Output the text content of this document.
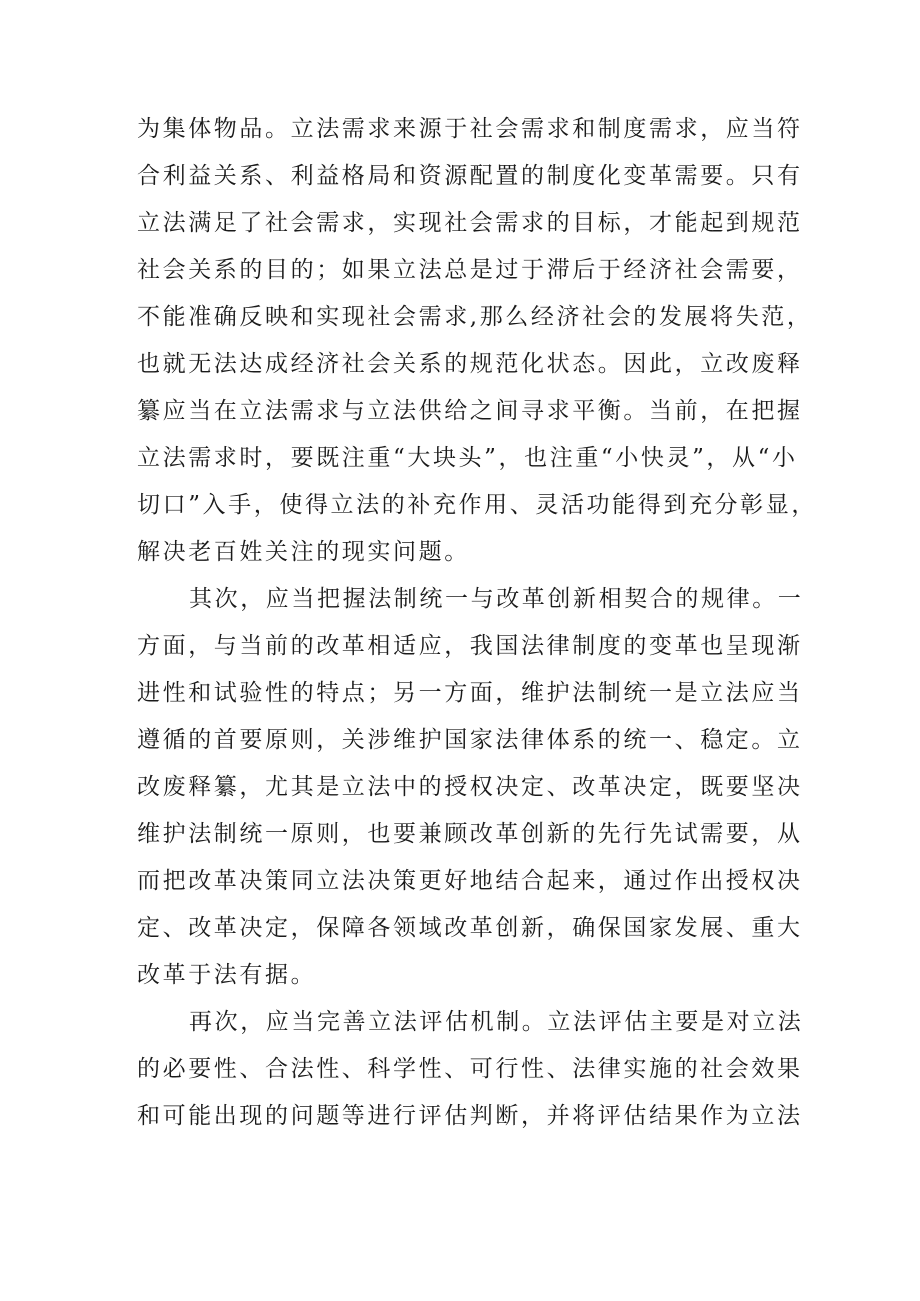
为集体物品。立法需求来源于社会需求和制度需求，应当符
合利益关系、利益格局和资源配置的制度化变革需要。只有
立法满足了社会需求，实现社会需求的目标，才能起到规范
社会关系的目的；如果立法总是过于滞后于经济社会需要，
不能准确反映和实现社会需求,那么经济社会的发展将失范，
也就无法达成经济社会关系的规范化状态。因此，立改废释
纂应当在立法需求与立法供给之间寻求平衡。当前，在把握
立法需求时，要既注重“大块头”，也注重“小快灵”，从“小
切口”入手，使得立法的补充作用、灵活功能得到充分彰显，
解决老百姓关注的现实问题。
其次，应当把握法制统一与改革创新相契合的规律。一
方面，与当前的改革相适应，我国法律制度的变革也呈现渐
进性和试验性的特点；另一方面，维护法制统一是立法应当
遵循的首要原则，关涉维护国家法律体系的统一、稳定。立
改废释纂，尤其是立法中的授权决定、改革决定，既要坚决
维护法制统一原则，也要兼顾改革创新的先行先试需要，从
而把改革决策同立法决策更好地结合起来，通过作出授权决
定、改革决定，保障各领域改革创新，确保国家发展、重大
改革于法有据。
再次，应当完善立法评估机制。立法评估主要是对立法
的必要性、合法性、科学性、可行性、法律实施的社会效果
和可能出现的问题等进行评估判断，并将评估结果作为立法
